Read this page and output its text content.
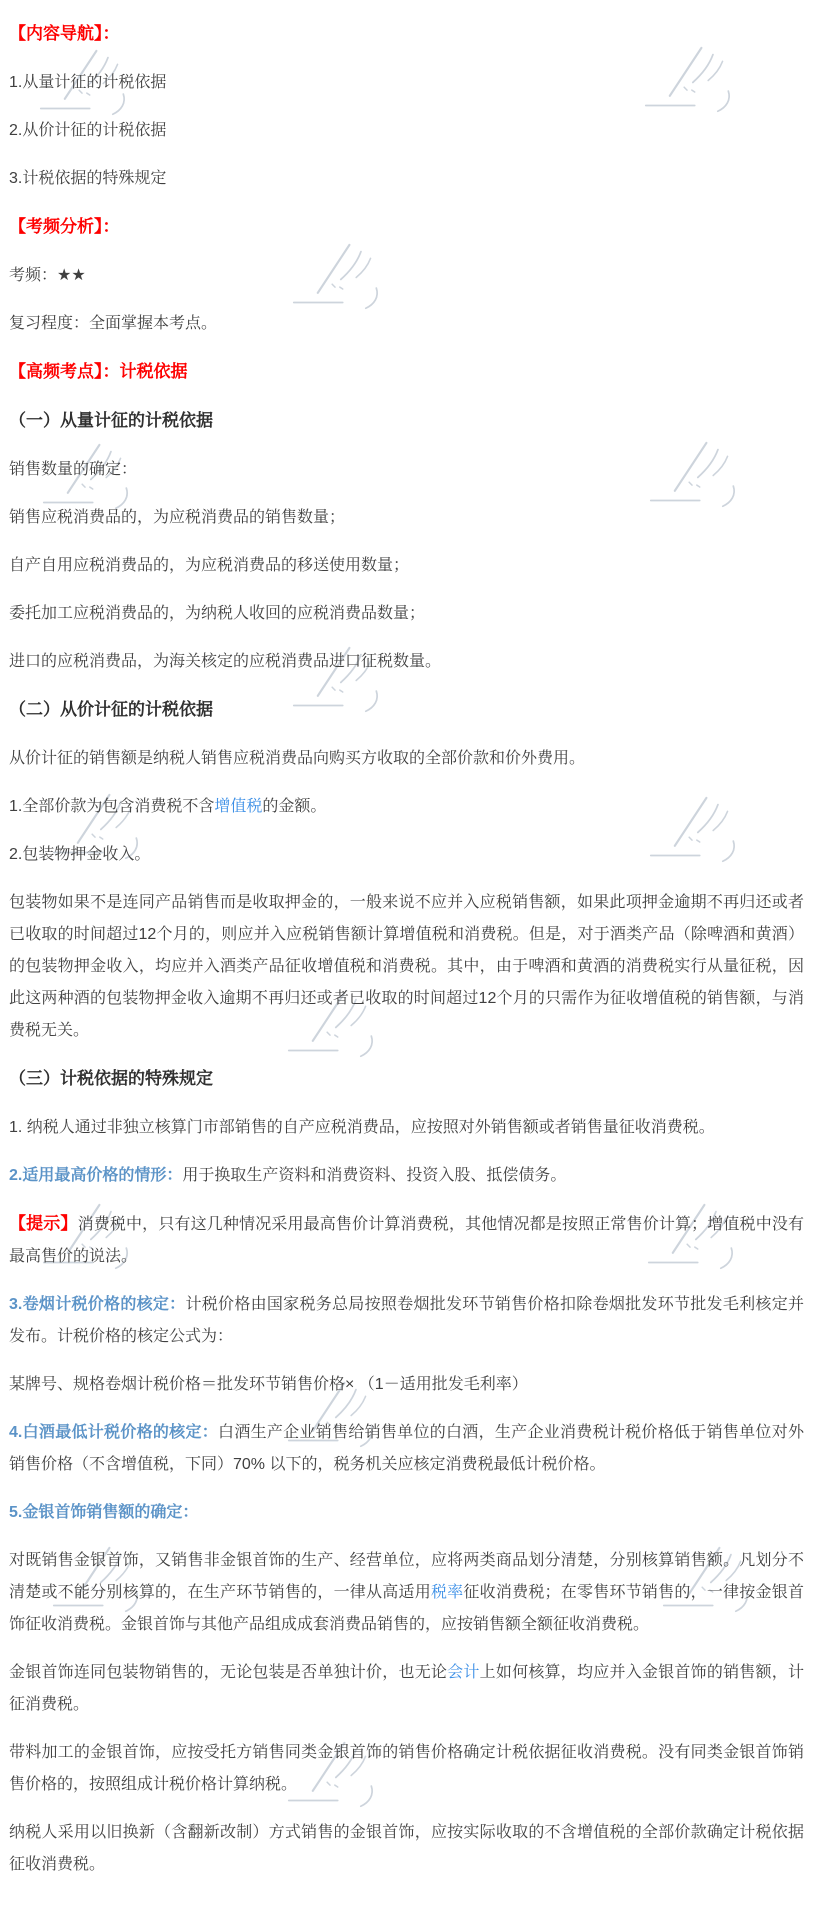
【内容导航】：

1.从量计征的计税依据

2.从价计征的计税依据

3.计税依据的特殊规定

【考频分析】：

考频：★★

复习程度：全面掌握本考点。

【高频考点】：计税依据

（一）从量计征的计税依据

销售数量的确定：

销售应税消费品的，为应税消费品的销售数量；

自产自用应税消费品的，为应税消费品的移送使用数量；

委托加工应税消费品的，为纳税人收回的应税消费品数量；

进口的应税消费品，为海关核定的应税消费品进口征税数量。

（二）从价计征的计税依据

从价计征的销售额是纳税人销售应税消费品向购买方收取的全部价款和价外费用。

1.全部价款为包含消费税不含增值税的金额。

2.包装物押金收入。

包装物如果不是连同产品销售而是收取押金的，一般来说不应并入应税销售额，如果此项押金逾期不再归还或者已收取的时间超过12个月的，则应并入应税销售额计算增值税和消费税。但是，对于酒类产品（除啤酒和黄酒）的包装物押金收入，均应并入酒类产品征收增值税和消费税。其中，由于啤酒和黄酒的消费税实行从量征税，因此这两种酒的包装物押金收入逾期不再归还或者已收取的时间超过12个月的只需作为征收增值税的销售额，与消费税无关。

（三）计税依据的特殊规定

1. 纳税人通过非独立核算门市部销售的自产应税消费品，应按照对外销售额或者销售量征收消费税。

2.适用最高价格的情形：用于换取生产资料和消费资料、投资入股、抵偿债务。

【提示】消费税中，只有这几种情况采用最高售价计算消费税，其他情况都是按照正常售价计算；增值税中没有最高售价的说法。

3.卷烟计税价格的核定：计税价格由国家税务总局按照卷烟批发环节销售价格扣除卷烟批发环节批发毛利核定并发布。计税价格的核定公式为：

某牌号、规格卷烟计税价格＝批发环节销售价格× （1－适用批发毛利率）

4.白酒最低计税价格的核定：白酒生产企业销售给销售单位的白酒，生产企业消费税计税价格低于销售单位对外销售价格（不含增值税，下同）70% 以下的，税务机关应核定消费税最低计税价格。

5.金银首饰销售额的确定：

对既销售金银首饰，又销售非金银首饰的生产、经营单位，应将两类商品划分清楚，分别核算销售额。凡划分不清楚或不能分别核算的，在生产环节销售的，一律从高适用税率征收消费税；在零售环节销售的，一律按金银首饰征收消费税。金银首饰与其他产品组成成套消费品销售的，应按销售额全额征收消费税。

金银首饰连同包装物销售的，无论包装是否单独计价，也无论会计上如何核算，均应并入金银首饰的销售额，计征消费税。

带料加工的金银首饰，应按受托方销售同类金银首饰的销售价格确定计税依据征收消费税。没有同类金银首饰销售价格的，按照组成计税价格计算纳税。

纳税人采用以旧换新（含翻新改制）方式销售的金银首饰，应按实际收取的不含增值税的全部价款确定计税依据征收消费税。
